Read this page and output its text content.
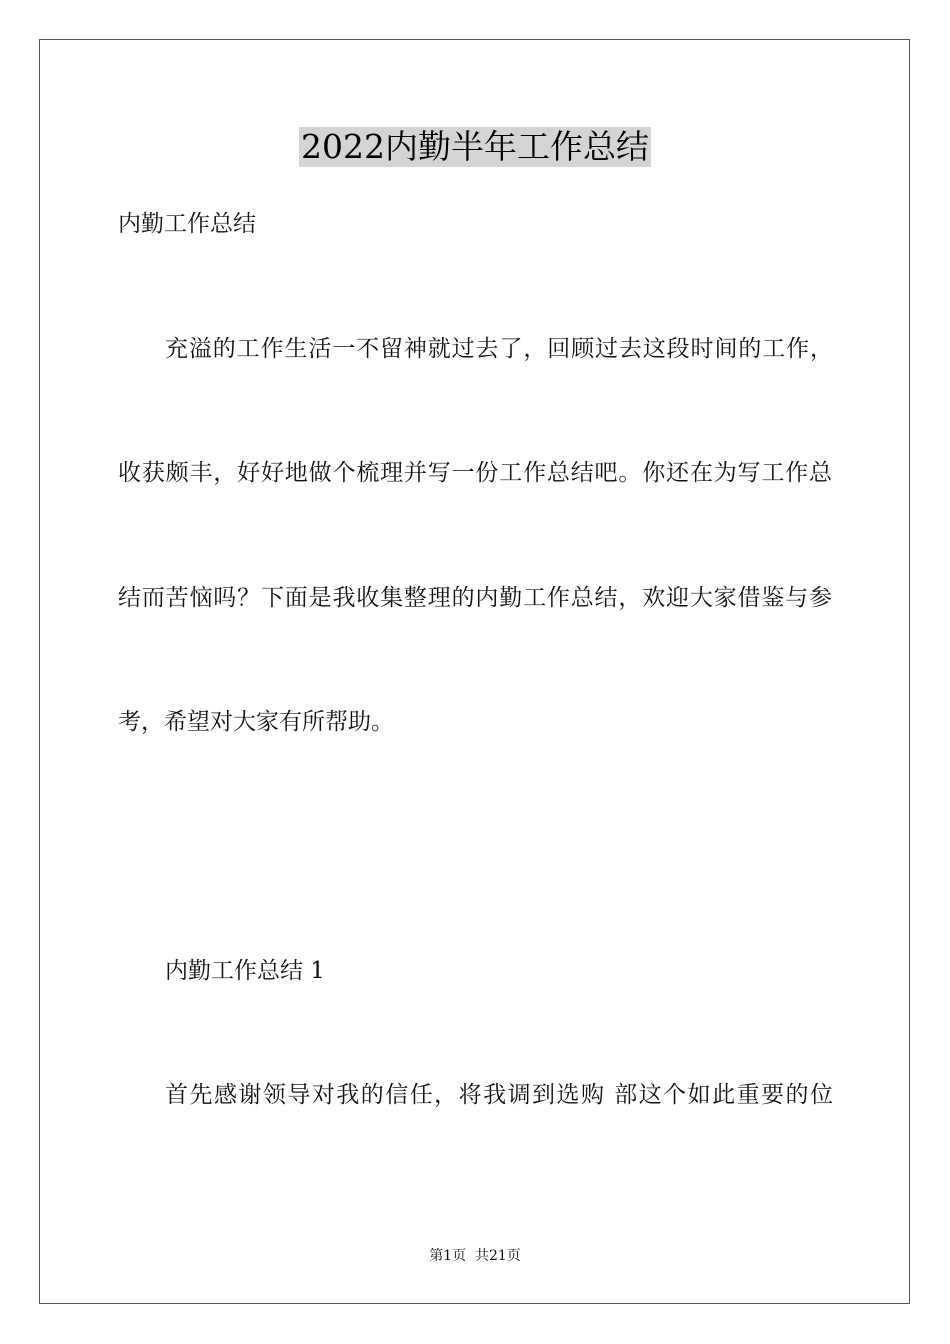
2022内勤半年工作总结
内勤工作总结
充溢的工作生活一不留神就过去了，回顾过去这段时间的工作，
收获颇丰，好好地做个梳理并写一份工作总结吧。你还在为写工作总
结而苦恼吗？下面是我收集整理的内勤工作总结，欢迎大家借鉴与参
考，希望对大家有所帮助。
内勤工作总结 1
首先感谢领导对我的信任，将我调到选购 部这个如此重要的位
第1页  共21页
